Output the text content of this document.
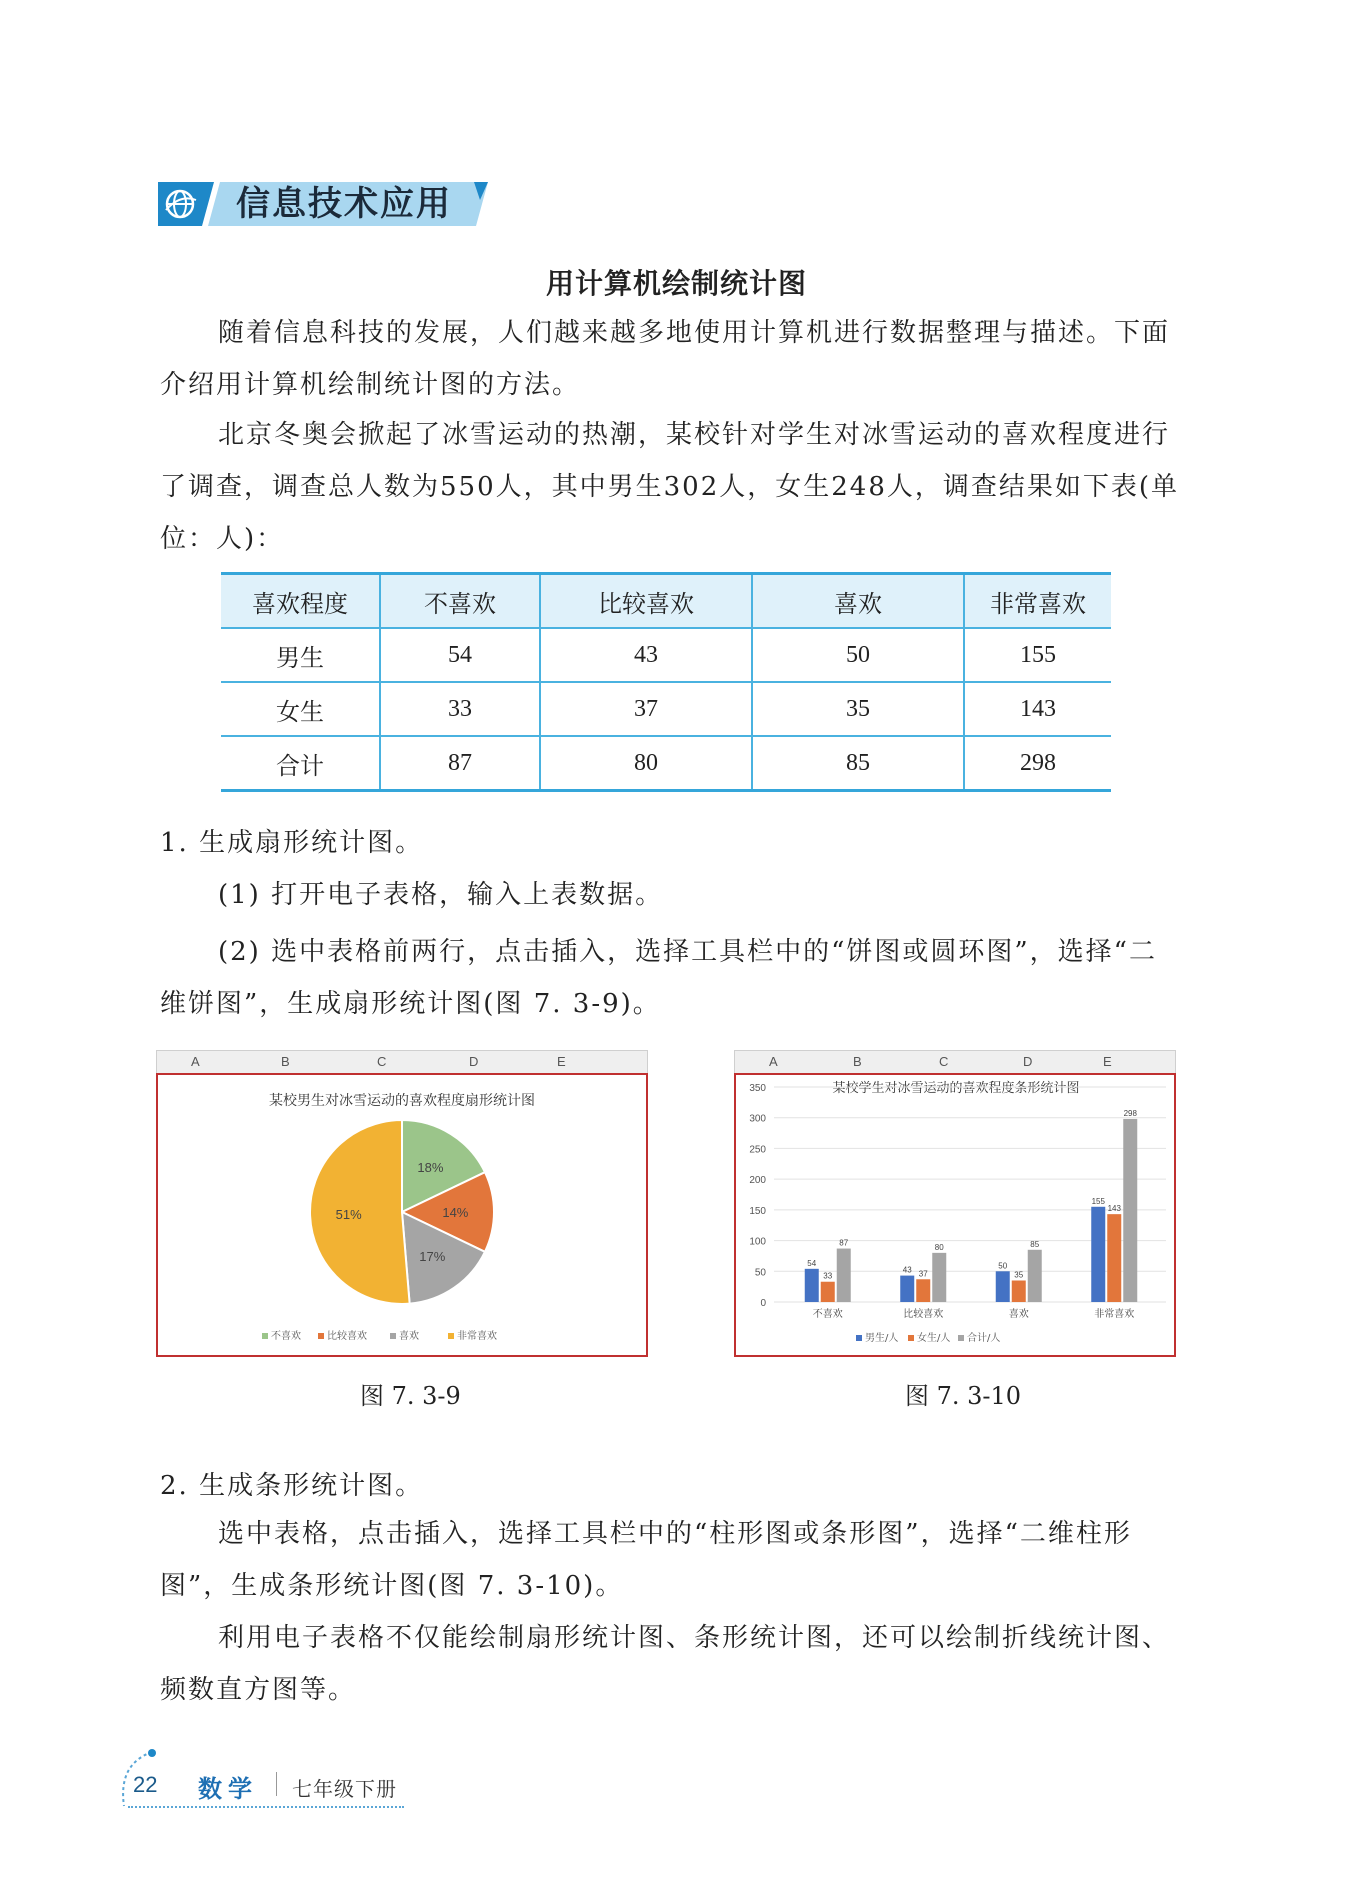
信息技术应用
用计算机绘制统计图
随着信息科技的发展，人们越来越多地使用计算机进行数据整理与描述。下面介绍用计算机绘制统计图的方法。
北京冬奥会掀起了冰雪运动的热潮，某校针对学生对冰雪运动的喜欢程度进行了调查，调查总人数为550人，其中男生302人，女生248人，调查结果如下表(单位：人)：
喜欢程度	不喜欢	比较喜欢	喜欢	非常喜欢
男生	54	43	50	155
女生	33	37	35	143
合计	87	80	85	298
1. 生成扇形统计图。
(1) 打开电子表格，输入上表数据。
(2) 选中表格前两行，点击插入，选择工具栏中的“饼图或圆环图”，选择“二维饼图”，生成扇形统计图(图 7. 3-9)。
A	B	C	D	E
某校男生对冰雪运动的喜欢程度扇形统计图
18%
14%
17%
51%
不喜欢	比较喜欢	喜欢	非常喜欢
图 7. 3-9
A	B	C	D	E
某校学生对冰雪运动的喜欢程度条形统计图
0
50
100
150
200
250
300
350
54
33
87
不喜欢
43 37
80
比较喜欢
50
35
85
喜欢
155
143
298
非常喜欢
男生/人 女生/人 合计/人
图 7. 3-10
2. 生成条形统计图。
选中表格，点击插入，选择工具栏中的“柱形图或条形图”，选择“二维柱形图”，生成条形统计图(图 7. 3-10)。
利用电子表格不仅能绘制扇形统计图、条形统计图，还可以绘制折线统计图、频数直方图等。
22 数学 七年级下册
